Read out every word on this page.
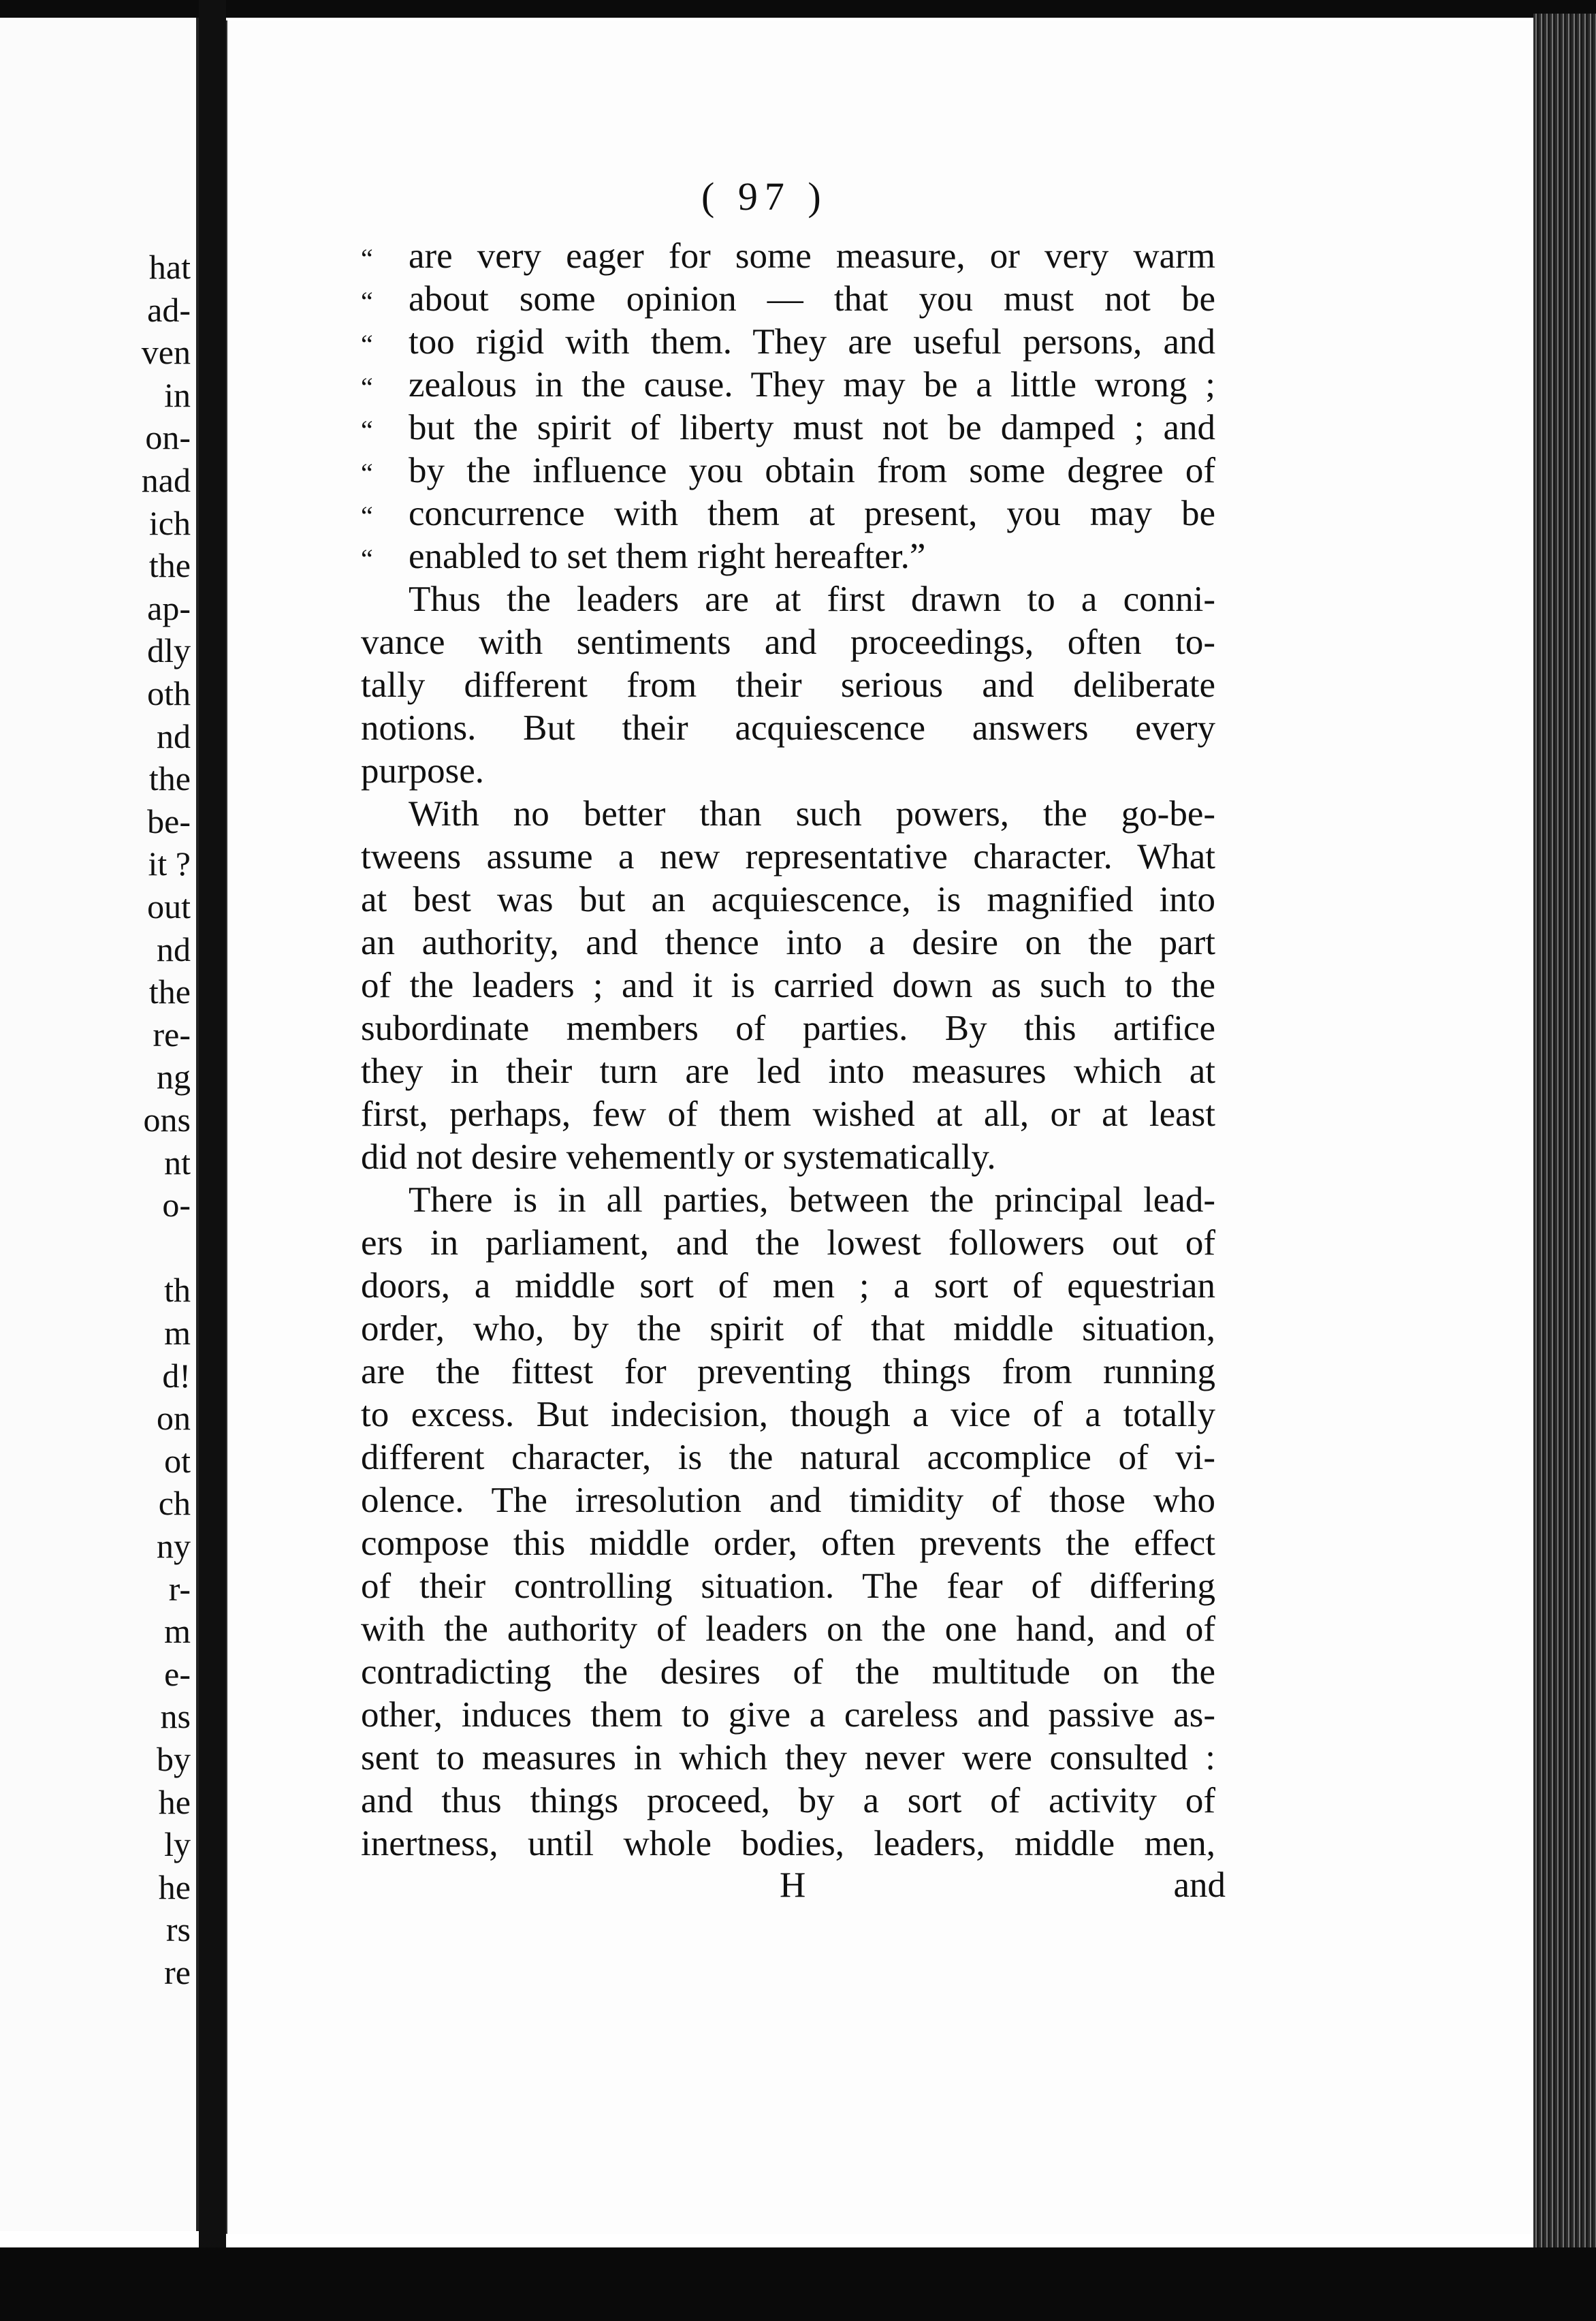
hat
ad-
ven
in
on-
nad
ich
the
ap-
dly
oth
nd
the
be-
it ?
out
nd
the
re-
ng
ons
nt
o-
th
m
d!
on
ot
ch
ny
r-
m
e-
ns
by
he
ly
he
rs
re
( 97 )
“ are very eager for some measure, or very warm
“ about some opinion — that you must not be
“ too rigid with them. They are useful persons, and
“ zealous in the cause. They may be a little wrong ;
“ but the spirit of liberty must not be damped ; and
“ by the influence you obtain from some degree of
“ concurrence with them at present, you may be
“ enabled to set them right hereafter.”
Thus the leaders are at first drawn to a conni-
vance with sentiments and proceedings, often to-
tally different from their serious and deliberate
notions. But their acquiescence answers every
purpose.
With no better than such powers, the go-be-
tweens assume a new representative character. What
at best was but an acquiescence, is magnified into
an authority, and thence into a desire on the part
of the leaders ; and it is carried down as such to the
subordinate members of parties. By this artifice
they in their turn are led into measures which at
first, perhaps, few of them wished at all, or at least
did not desire vehemently or systematically.
There is in all parties, between the principal lead-
ers in parliament, and the lowest followers out of
doors, a middle sort of men ; a sort of equestrian
order, who, by the spirit of that middle situation,
are the fittest for preventing things from running
to excess. But indecision, though a vice of a totally
different character, is the natural accomplice of vi-
olence. The irresolution and timidity of those who
compose this middle order, often prevents the effect
of their controlling situation. The fear of differing
with the authority of leaders on the one hand, and of
contradicting the desires of the multitude on the
other, induces them to give a careless and passive as-
sent to measures in which they never were consulted :
and thus things proceed, by a sort of activity of
inertness, until whole bodies, leaders, middle men,
H	and
